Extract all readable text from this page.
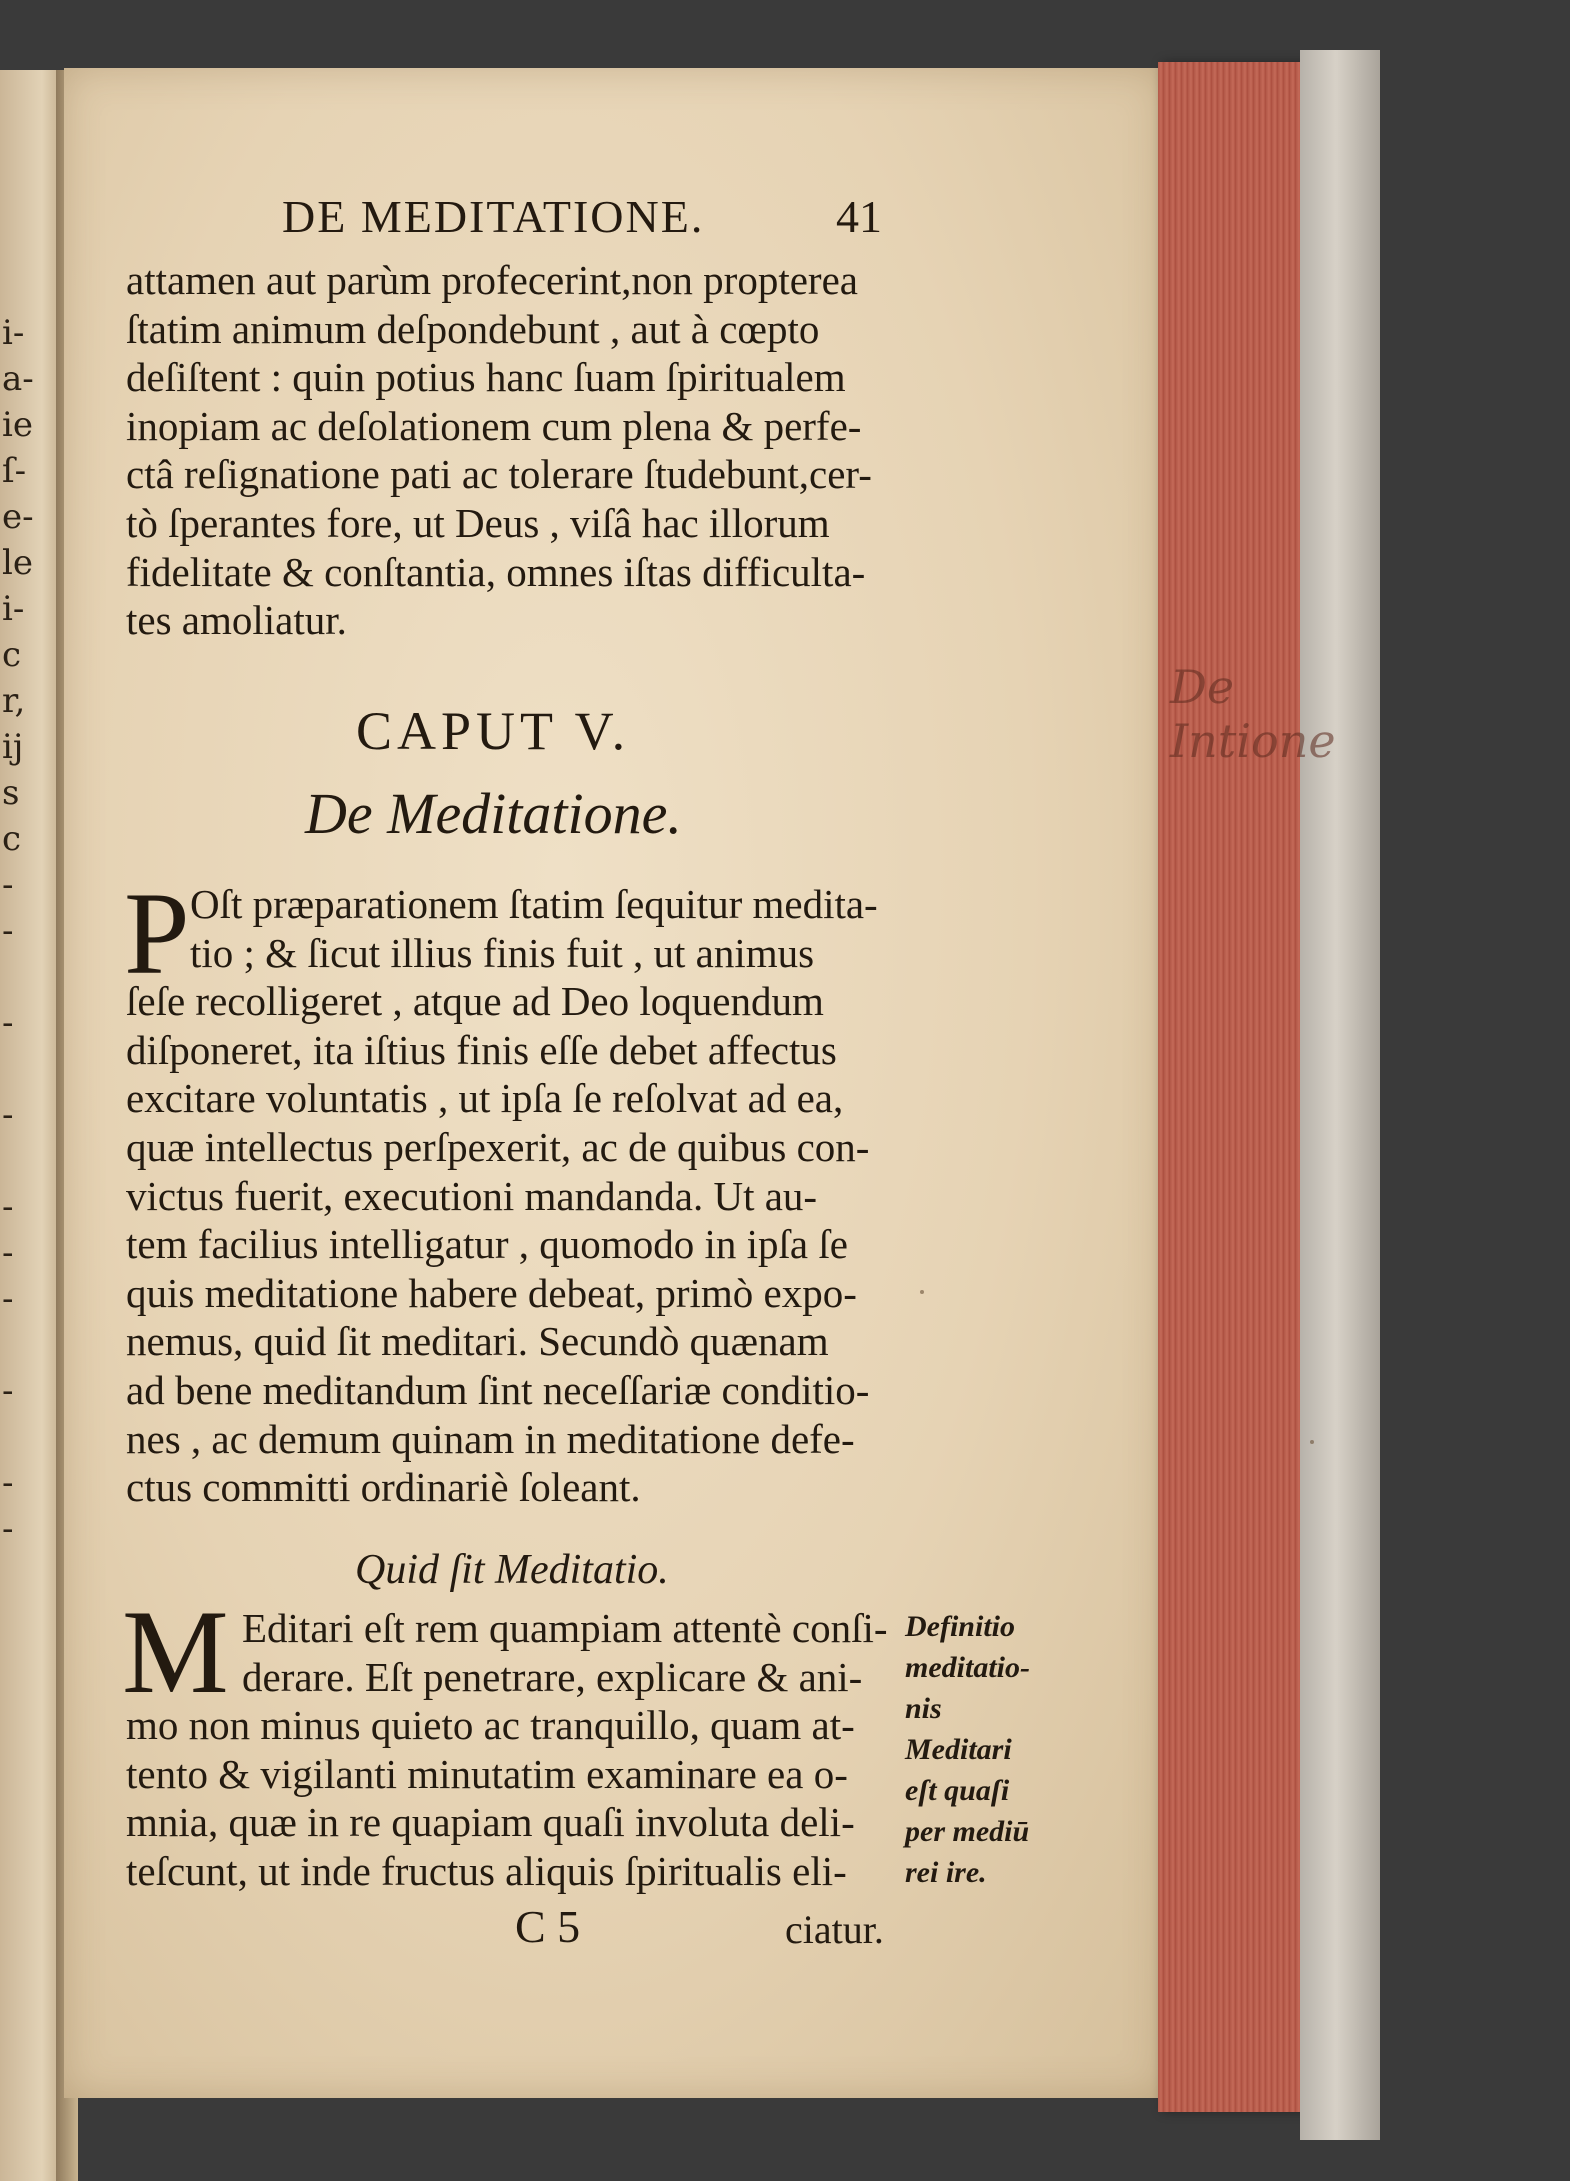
i-
a-
ie
ſ-
e-
le
i-
c
r,
ij
s
c
-
-
-
-
-
-
-
-
-
-
De
Intione
DE MEDITATIONE.	41
attamen aut parùm profecerint,non propterea
ſtatim animum deſpondebunt , aut à cœpto
deſiſtent : quin potius hanc ſuam ſpiritualem
inopiam ac deſolationem cum plena & perfe-
ctâ reſignatione pati ac tolerare ſtudebunt,cer-
tò ſperantes fore, ut Deus , viſâ hac illorum
fidelitate & conſtantia, omnes iſtas difficulta-
tes amoliatur.
CAPUT V.
De Meditatione.
P Oſt præparationem ſtatim ſequitur medita-
tio ; & ſicut illius finis fuit , ut animus
ſeſe recolligeret , atque ad Deo loquendum
diſponeret, ita iſtius finis eſſe debet affectus
excitare voluntatis , ut ipſa ſe reſolvat ad ea,
quæ intellectus perſpexerit, ac de quibus con-
victus fuerit, executioni mandanda. Ut au-
tem facilius intelligatur , quomodo in ipſa ſe
quis meditatione habere debeat, primò expo-
nemus, quid ſit meditari. Secundò quænam
ad bene meditandum ſint neceſſariæ conditio-
nes , ac demum quinam in meditatione defe-
ctus committi ordinariè ſoleant.
Quid ſit Meditatio.
M Editari eſt rem quampiam attentè conſi-
derare. Eſt penetrare, explicare & ani-
mo non minus quieto ac tranquillo, quam at-
tento & vigilanti minutatim examinare ea o-
mnia, quæ in re quapiam quaſi involuta deli-
teſcunt, ut inde fructus aliquis ſpiritualis eli-
Definitio
meditatio-
nis
Meditari
eſt quaſi
per mediū
rei ire.
C 5	ciatur.
